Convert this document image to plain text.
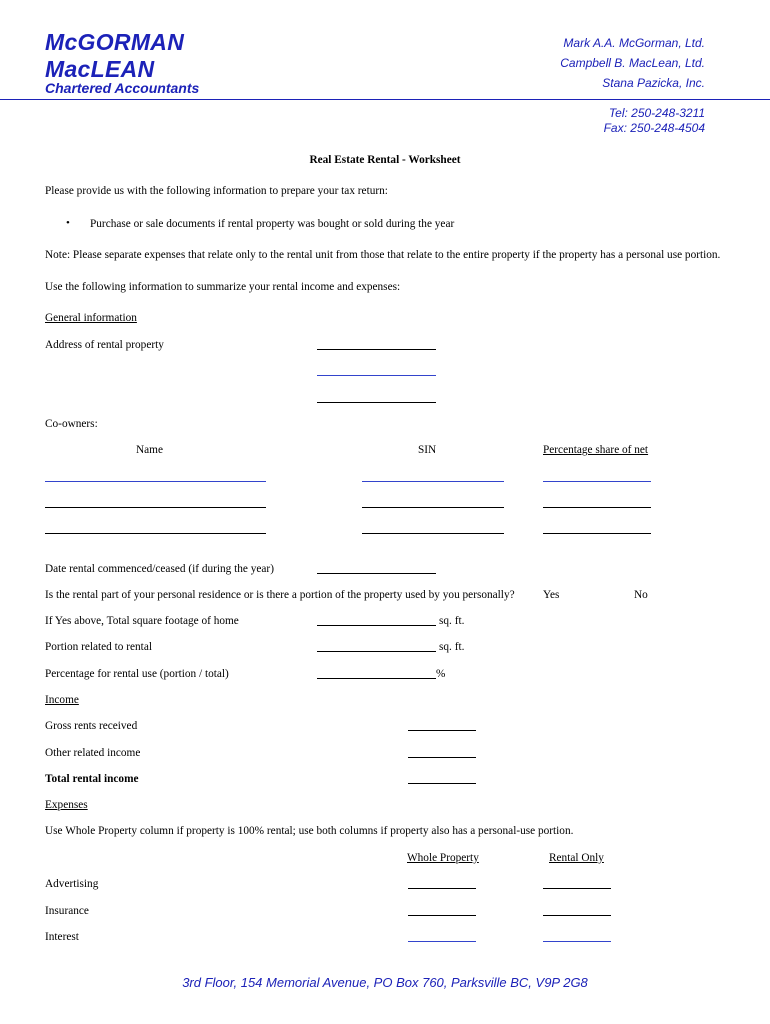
McGORMAN
MacLEAN
Chartered Accountants
Mark A.A. McGorman, Ltd.
Campbell B. MacLean, Ltd.
Stana Pazicka, Inc.
Tel: 250-248-3211
Fax: 250-248-4504
Real Estate Rental - Worksheet
Please provide us with the following information to prepare your tax return:
• Purchase or sale documents if rental property was bought or sold during the year
Note: Please separate expenses that relate only to the rental unit from those that relate to the entire property if the property has a personal use portion.
Use the following information to summarize your rental income and expenses:
General information
Address of rental property
Co-owners:
Name	SIN	Percentage share of net
Date rental commenced/ceased (if during the year)
Is the rental part of your personal residence or is there a portion of the property used by you personally?	Yes	No
If Yes above, Total square footage of home	sq. ft.
Portion related to rental	sq. ft.
Percentage for rental use (portion / total)	%
Income
Gross rents received
Other related income
Total rental income
Expenses
Use Whole Property column if property is 100% rental; use both columns if property also has a personal-use portion.
Whole Property	Rental Only
Advertising
Insurance
Interest
3rd Floor, 154 Memorial Avenue, PO Box 760, Parksville BC, V9P 2G8
